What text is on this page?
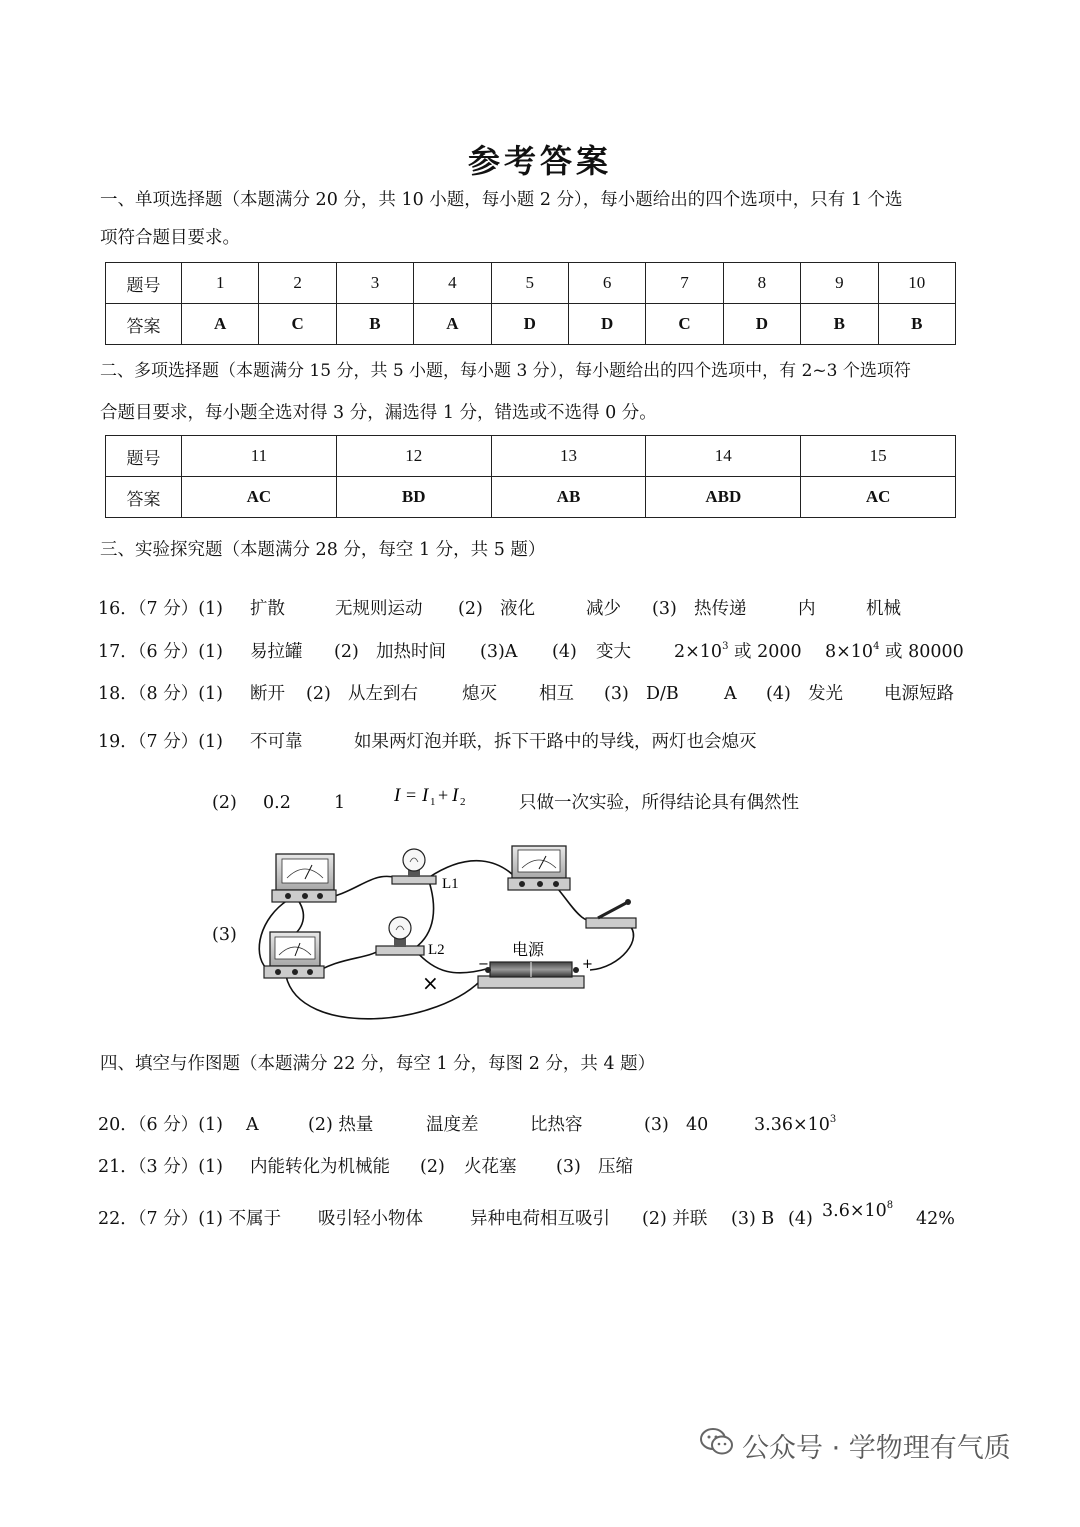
参考答案
一、单项选择题（本题满分 20 分，共 10 小题，每小题 2 分），每小题给出的四个选项中，只有 1 个选
项符合题目要求。
题号	1	2	3	4	5	6	7	8	9	10
答案	A	C	B	A	D	D	C	D	B	B
二、多项选择题（本题满分 15 分，共 5 小题，每小题 3 分），每小题给出的四个选项中，有 2~3 个选项符
合题目要求，每小题全选对得 3 分，漏选得 1 分，错选或不选得 0 分。
题号	11	12	13	14	15
答案	AC	BD	AB	ABD	AC
三、实验探究题（本题满分 28 分，每空 1 分，共 5 题）
16．（7 分）(1) 扩散	无规则运动 (2) 液化	减少 (3) 热传递	内	机械
17．（6 分）(1) 易拉罐 (2) 加热时间 (3)A (4) 变大 $2\times 10^3$ 或 2000 $8\times 10^4$ 或 80000
18．（8 分）(1) 断开 (2) 从左到右	熄灭 相互 (3) D/B	A (4) 发光 电源短路
19．（7 分）(1) 不可靠	如果两灯泡并联，拆下干路中的导线，两灯也会熄灭
(2) 0.2 1	只做一次实验，所得结论具有偶然性
I = I 1 + I 2
(3)
L1
L2	电源
−	+
×
四、填空与作图题（本题满分 22 分，每空 1 分，每图 2 分，共 4 题）
20．（6 分）(1) A	(2) 热量	温度差	比热容	(3) 40	$3.36\times 10^3$
21．（3 分）(1) 内能转化为机械能 (2) 火花塞 (3) 压缩
22．（7 分）(1) 不属于 吸引轻小物体	异种电荷相互吸引 (2) 并联 (3) B (4) $3.6\times 10^8$
42%
公众号 · 学物理有气质
